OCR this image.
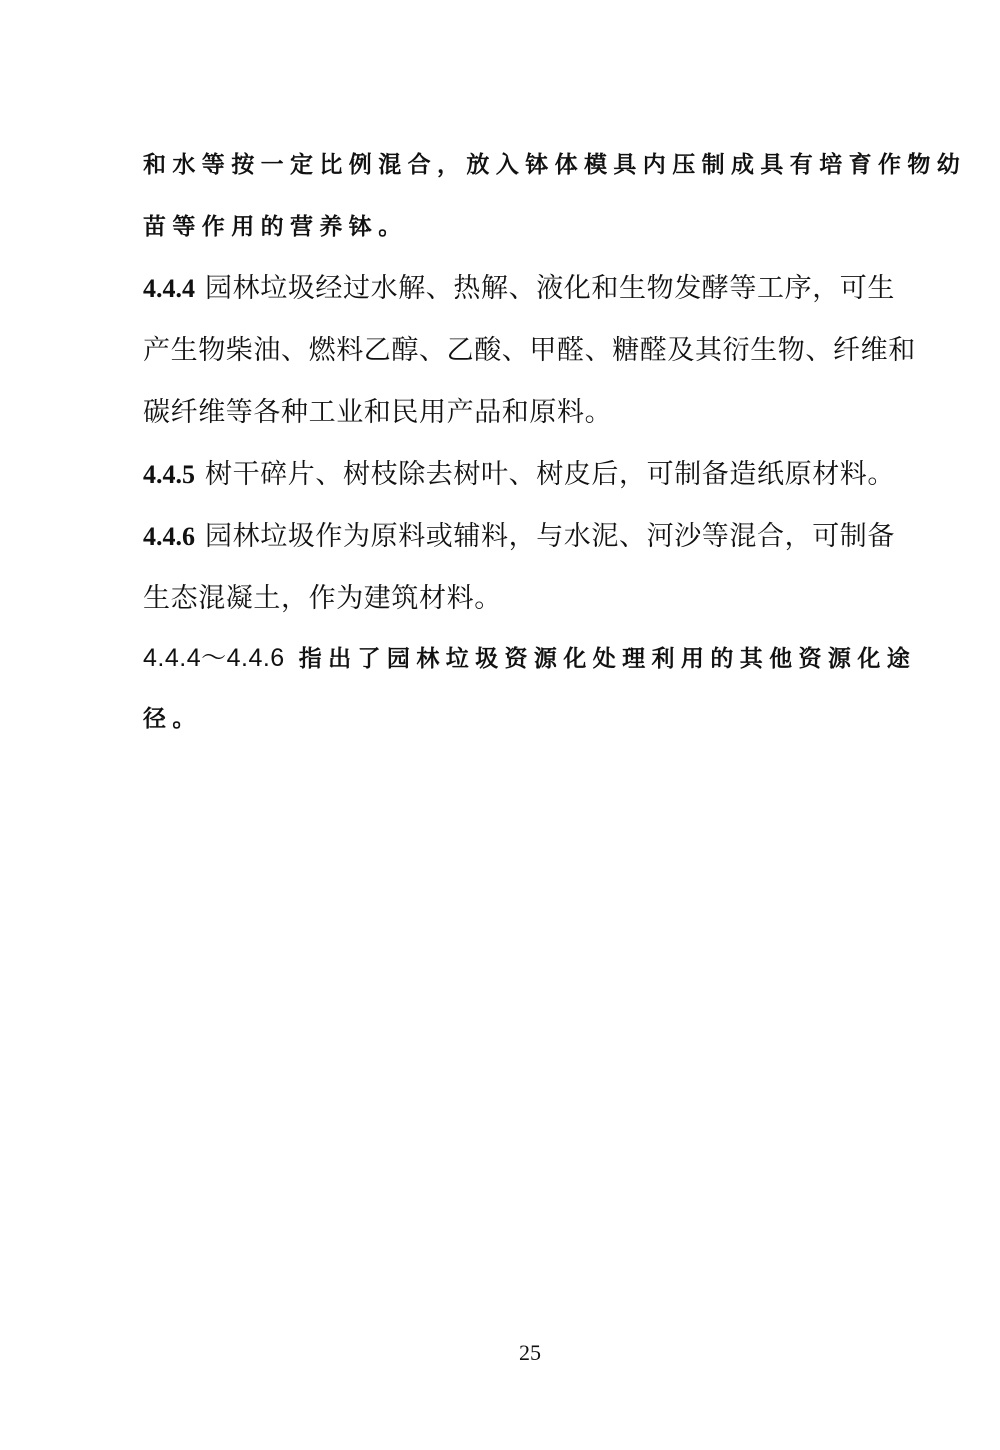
和水等按一定比例混合，放入钵体模具内压制成具有培育作物幼
苗等作用的营养钵。
4.4.4 园林垃圾经过水解、热解、液化和生物发酵等工序，可生
产生物柴油、燃料乙醇、乙酸、甲醛、糖醛及其衍生物、纤维和
碳纤维等各种工业和民用产品和原料。
4.4.5 树干碎片、树枝除去树叶、树皮后，可制备造纸原材料。
4.4.6 园林垃圾作为原料或辅料，与水泥、河沙等混合，可制备
生态混凝土，作为建筑材料。
4.4.4～4.4.6 指出了园林垃圾资源化处理利用的其他资源化途
径。
25
